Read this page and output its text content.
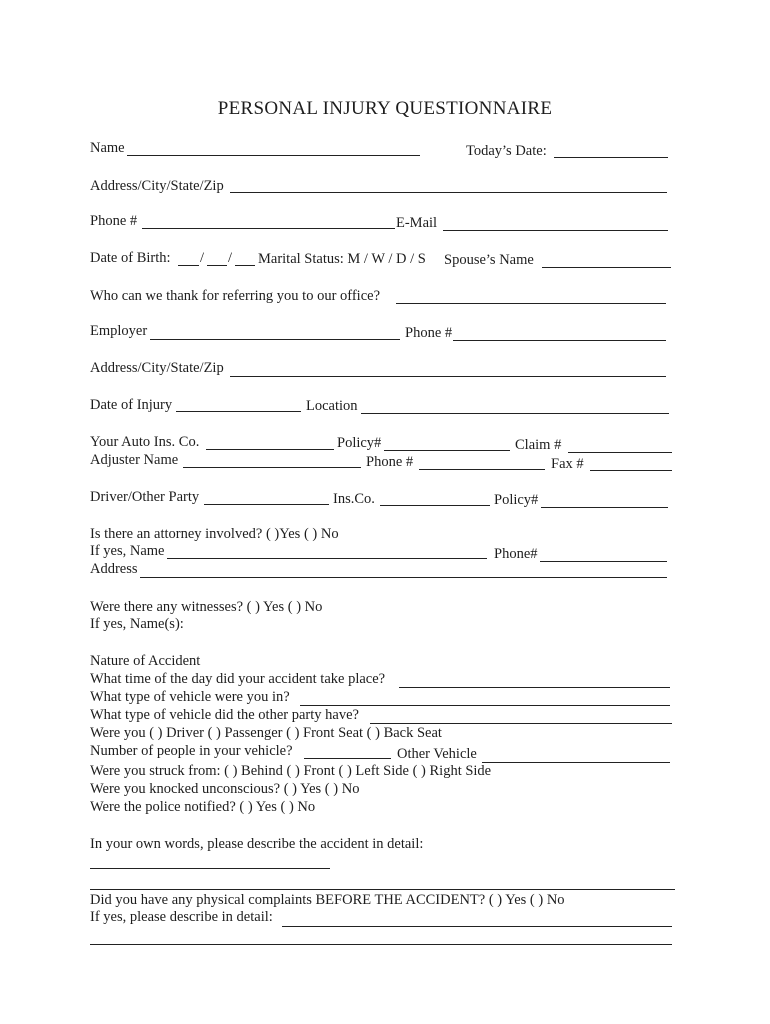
PERSONAL INJURY QUESTIONNAIRE
Name	Today’s Date:
Address/City/State/Zip
Phone #	E-Mail
Date of Birth: / / Marital Status: M / W / D / S Spouse’s Name
Who can we thank for referring you to our office?
Employer	Phone #
Address/City/State/Zip
Date of Injury	Location
Your Auto Ins. Co.	Policy#	Claim #
Adjuster Name	Phone #	Fax #
Driver/Other Party	Ins.Co.	Policy#
Is there an attorney involved? ( )Yes ( ) No
If yes, Name	Phone#
Address
Were there any witnesses? ( ) Yes ( ) No
If yes, Name(s):
Nature of Accident
What time of the day did your accident take place?
What type of vehicle were you in?
What type of vehicle did the other party have?
Were you ( ) Driver ( ) Passenger ( ) Front Seat ( ) Back Seat
Number of people in your vehicle?	Other Vehicle
Were you struck from: ( ) Behind ( ) Front ( ) Left Side ( ) Right Side
Were you knocked unconscious? ( ) Yes ( ) No
Were the police notified? ( ) Yes ( ) No
In your own words, please describe the accident in detail:
Did you have any physical complaints BEFORE THE ACCIDENT? ( ) Yes ( ) No
If yes, please describe in detail:
